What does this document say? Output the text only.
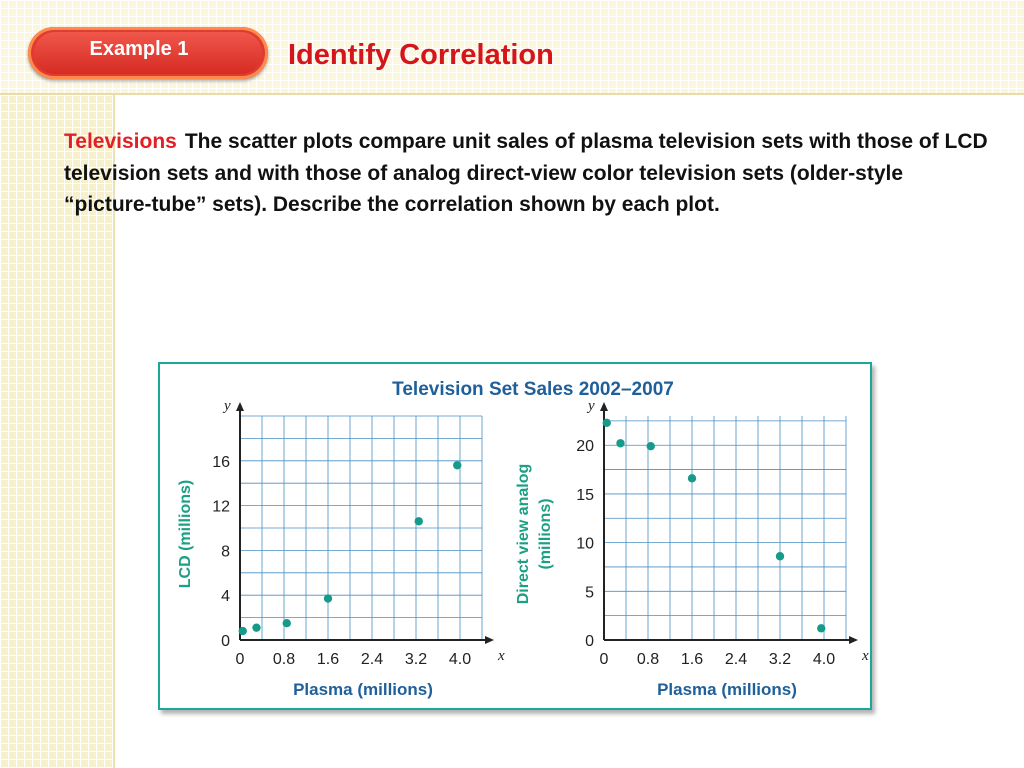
Example 1	Identify Correlation

Televisions The scatter plots compare unit sales of plasma television sets with those of LCD television sets and with those of analog direct-view color television sets (older-style “picture-tube” sets). Describe the correlation shown by each plot.

Television Set Sales 2002–2007
0 0.8 1.6 2.4 3.2 4.0
0
4
8
12
16
x
y
Plasma (millions)
LCD (millions)
0 0.8 1.6 2.4 3.2 4.0
0
5
10
15
20
x
y
Plasma (millions)
Direct view analog (millions)
